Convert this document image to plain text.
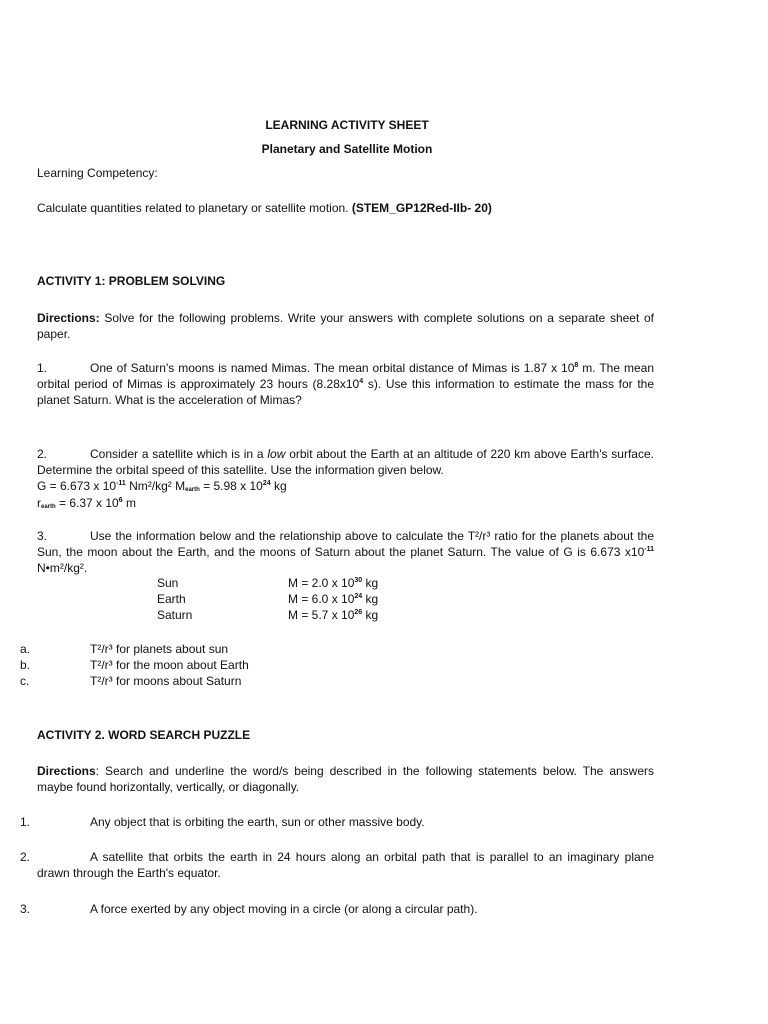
LEARNING ACTIVITY SHEET
Planetary and Satellite Motion
Learning Competency:
Calculate quantities related to planetary or satellite motion. (STEM_GP12Red-IIb- 20)
ACTIVITY 1: PROBLEM SOLVING
Directions: Solve for the following problems. Write your answers with complete solutions on a separate sheet of paper.
1.	One of Saturn's moons is named Mimas. The mean orbital distance of Mimas is 1.87 x $10^8$ m. The mean orbital period of Mimas is approximately 23 hours ($8.28x10^4$ s). Use this information to estimate the mass for the planet Saturn. What is the acceleration of Mimas?
2.	Consider a satellite which is in a low orbit about the Earth at an altitude of 220 km above Earth's surface. Determine the orbital speed of this satellite. Use the information given below.
G = 6.673 x $10^{-11}$ Nm²/kg² $M_{earth} = 5.98$ x $10^{24}$ kg
$r_{earth} = 6.37$ x $10^6$ m
3.	Use the information below and the relationship above to calculate the T²/r³ ratio for the planets about the Sun, the moon about the Earth, and the moons of Saturn about the planet Saturn. The value of G is 6.673 $x10^{-11}$ N•m²/kg².
Sun	M = 2.0 x $10^{30}$ kg
Earth	M = 6.0 x $10^{24}$ kg
Saturn	M = 5.7 x $10^{26}$ kg
a.	T²/r³ for planets about sun
b.	T²/r³ for the moon about Earth
c.	T²/r³ for moons about Saturn
ACTIVITY 2. WORD SEARCH PUZZLE
Directions: Search and underline the word/s being described in the following statements below. The answers maybe found horizontally, vertically, or diagonally.
1.	Any object that is orbiting the earth, sun or other massive body.
2.	A satellite that orbits the earth in 24 hours along an orbital path that is parallel to an imaginary plane drawn through the Earth's equator.
3.	A force exerted by any object moving in a circle (or along a circular path).
